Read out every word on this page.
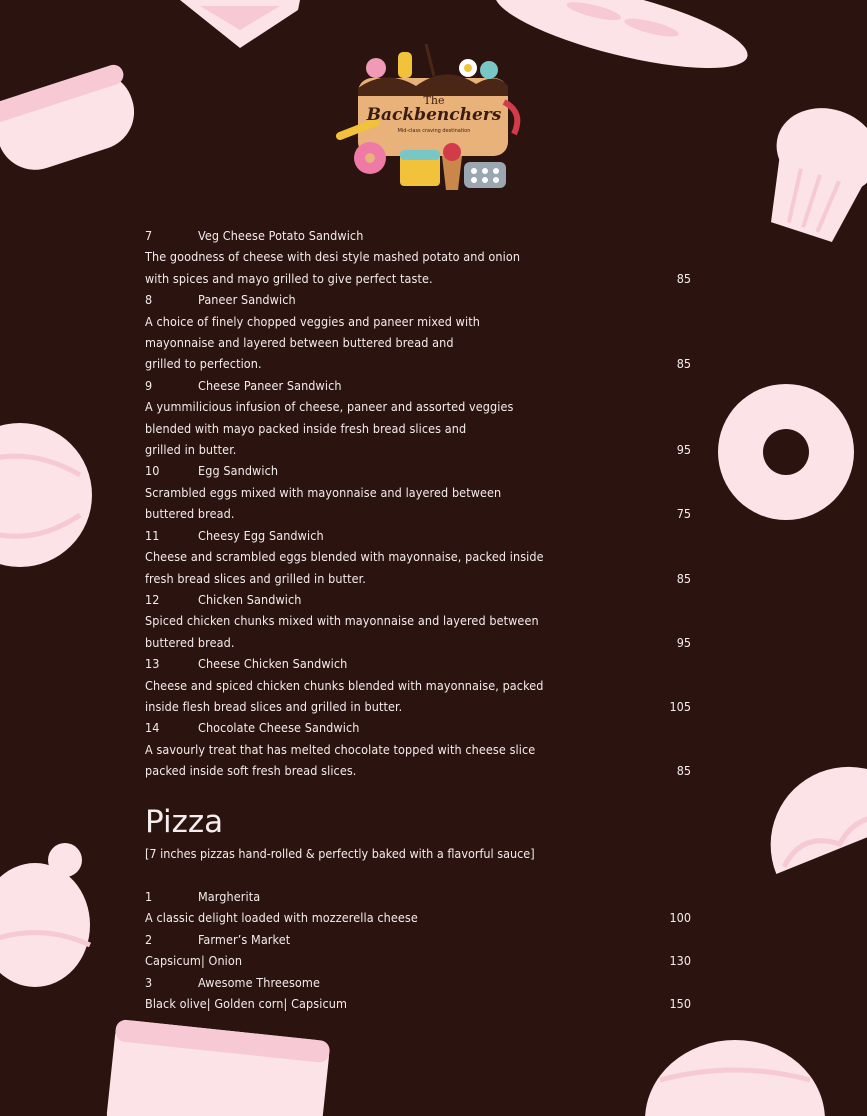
The
Backbenchers
Mid-class craving destination
7	Veg Cheese Potato Sandwich
The goodness of cheese with desi style mashed potato and onion
with spices and mayo grilled to give perfect taste.	85
8	Paneer Sandwich
A choice of finely chopped veggies and paneer mixed with
mayonnaise and layered between buttered bread and
grilled to perfection.	85
9	Cheese Paneer Sandwich
A yummilicious infusion of cheese, paneer and assorted veggies
blended with mayo packed inside fresh bread slices and
grilled in butter.	95
10	Egg Sandwich
Scrambled eggs mixed with mayonnaise and layered between
buttered bread.	75
11	Cheesy Egg Sandwich
Cheese and scrambled eggs blended with mayonnaise, packed inside
fresh bread slices and grilled in butter.	85
12	Chicken Sandwich
Spiced chicken chunks mixed with mayonnaise and layered between
buttered bread.	95
13	Cheese Chicken Sandwich
Cheese and spiced chicken chunks blended with mayonnaise, packed
inside flesh bread slices and grilled in butter.	105
14	Chocolate Cheese Sandwich
A savourly treat that has melted chocolate topped with cheese slice
packed inside soft fresh bread slices.	85
Pizza
[7 inches pizzas hand-rolled & perfectly baked with a flavorful sauce]
1	Margherita
A classic delight loaded with mozzerella cheese	100
2	Farmer’s Market
Capsicum| Onion	130
3	Awesome Threesome
Black olive| Golden corn| Capsicum	150
